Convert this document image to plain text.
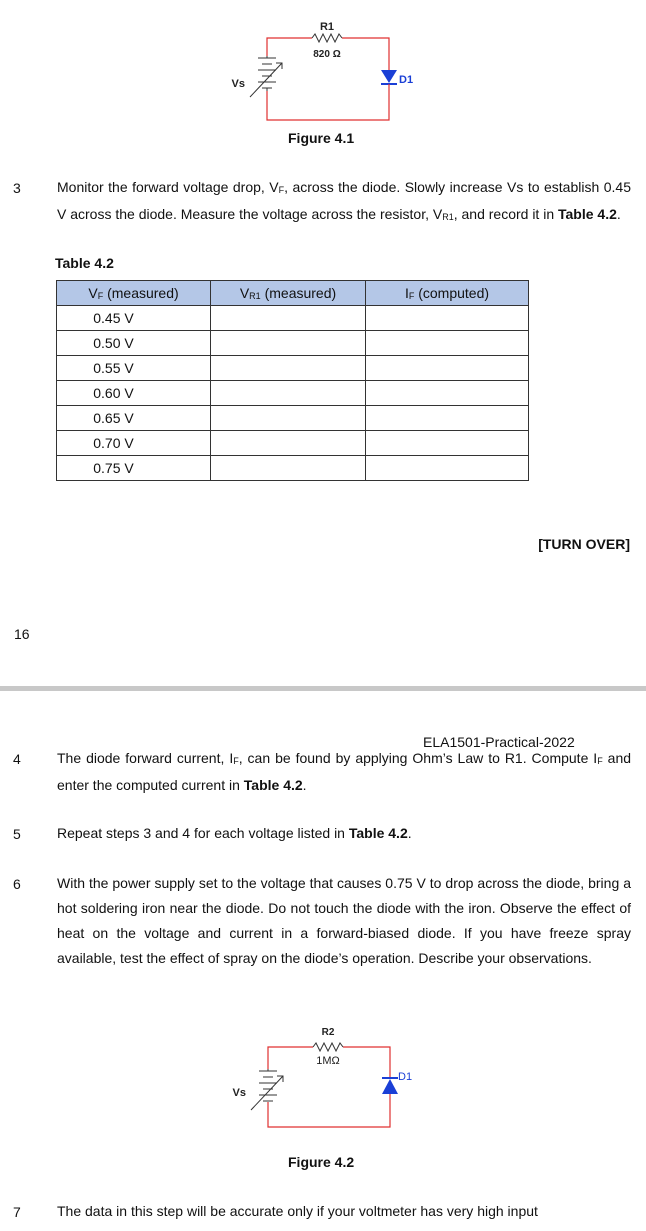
R1
820 Ω
Vs	D1
Figure 4.1
3	Monitor the forward voltage drop, $V_F$, across the diode. Slowly increase Vs to establish 0.45 V across the diode. Measure the voltage across the resistor, $V_{R1}$, and record it in Table 4.2.
Table 4.2
$V_F$ (measured)	$V_{R1}$ (measured)	$I_F$ (computed)
0.45 V		
0.50 V		
0.55 V		
0.60 V		
0.65 V		
0.70 V		
0.75 V		
[TURN OVER]
16
ELA1501-Practical-2022
4	The diode forward current, $I_F$, can be found by applying Ohm’s Law to R1. Compute $I_F$ and enter the computed current in Table 4.2.
5	Repeat steps 3 and 4 for each voltage listed in Table 4.2.
6	With the power supply set to the voltage that causes 0.75 V to drop across the diode, bring a hot soldering iron near the diode. Do not touch the diode with the iron. Observe the effect of heat on the voltage and current in a forward-biased diode. If you have freeze spray available, test the effect of spray on the diode’s operation. Describe your observations.
R2
1MΩ
Vs
D1
Figure 4.2
7	The data in this step will be accurate only if your voltmeter has very high input
